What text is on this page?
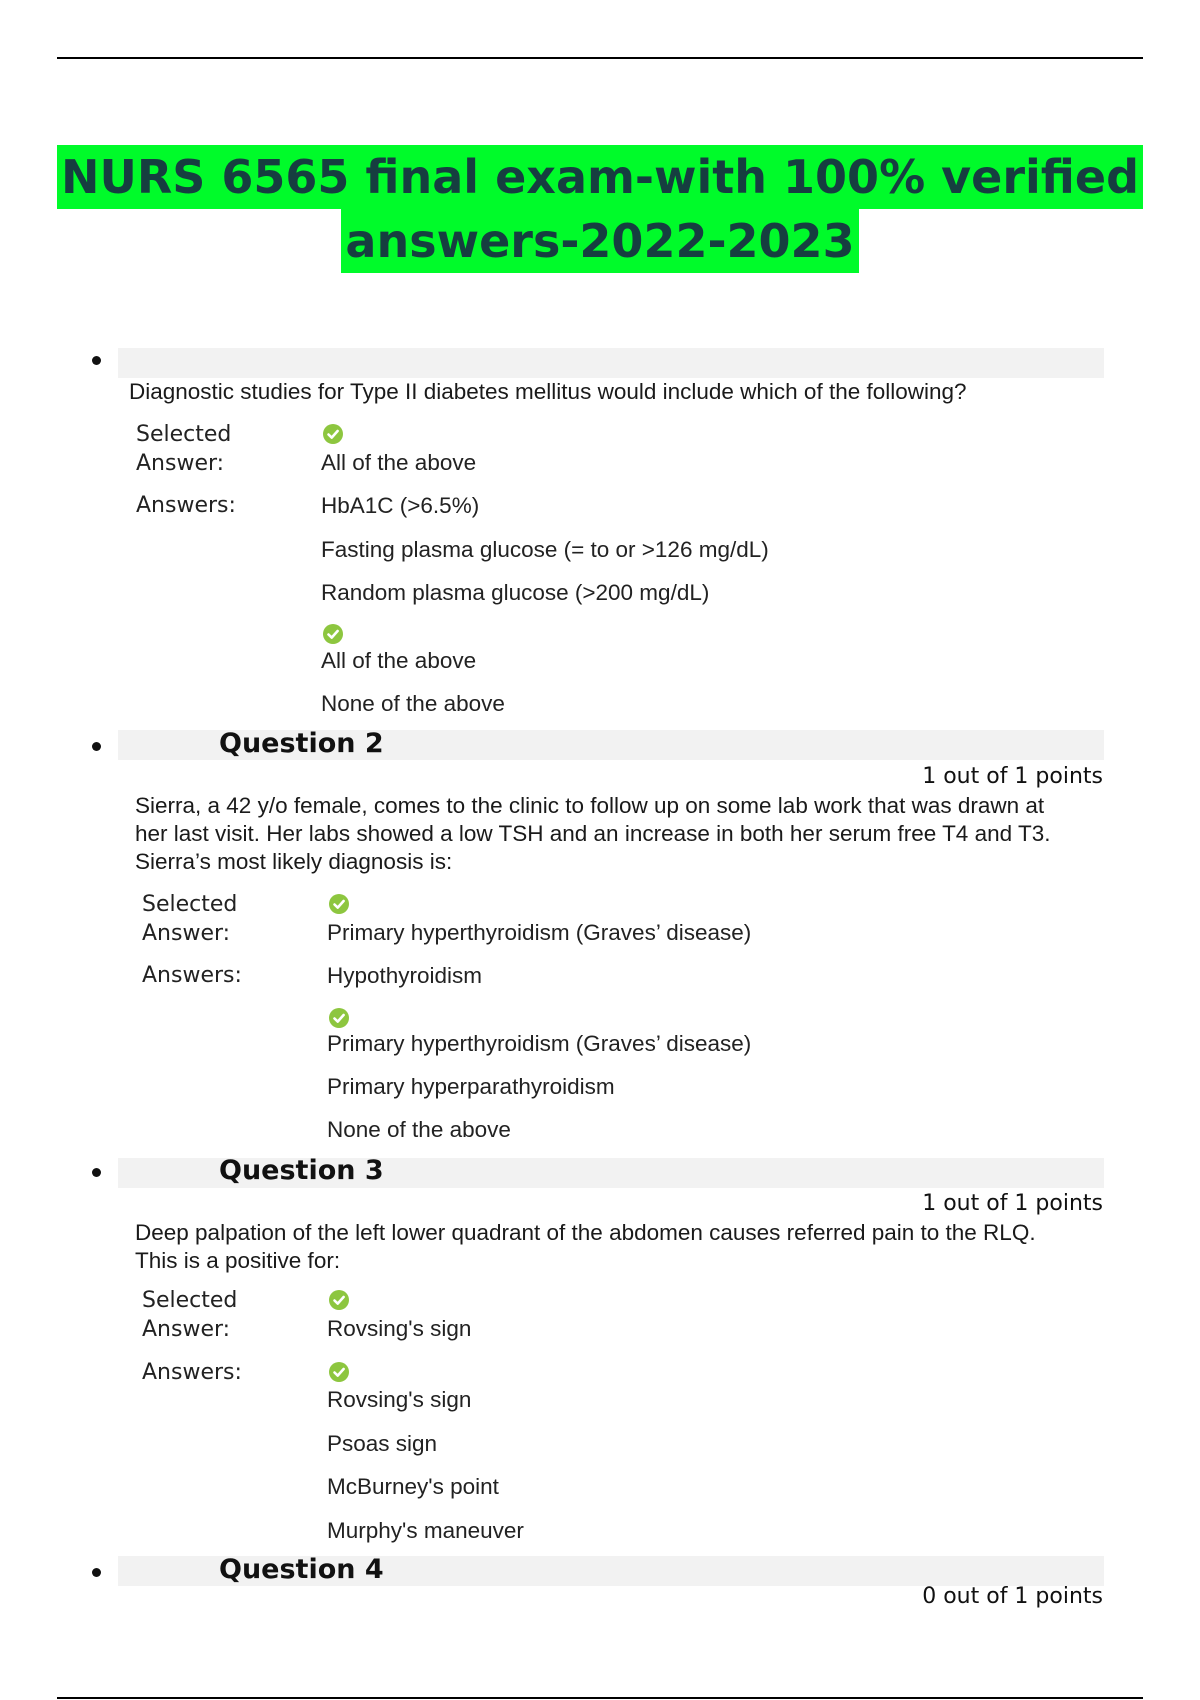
NURS 6565 final exam-with 100% verified
answers-2022-2023
Diagnostic studies for Type II diabetes mellitus would include which of the following?
Selected
Answer:	All of the above
Answers:	HbA1C (>6.5%)
Fasting plasma glucose (= to or >126 mg/dL)
Random plasma glucose (>200 mg/dL)
All of the above
None of the above
Question 2
1 out of 1 points
Sierra, a 42 y/o female, comes to the clinic to follow up on some lab work that was drawn at her last visit. Her labs showed a low TSH and an increase in both her serum free T4 and T3. Sierra’s most likely diagnosis is:
Selected
Answer:	Primary hyperthyroidism (Graves’ disease)
Answers:	Hypothyroidism
Primary hyperthyroidism (Graves’ disease)
Primary hyperparathyroidism
None of the above
Question 3
1 out of 1 points
Deep palpation of the left lower quadrant of the abdomen causes referred pain to the RLQ. This is a positive for:
Selected
Answer:	Rovsing's sign
Answers:
Rovsing's sign
Psoas sign
McBurney's point
Murphy's maneuver
Question 4
0 out of 1 points
